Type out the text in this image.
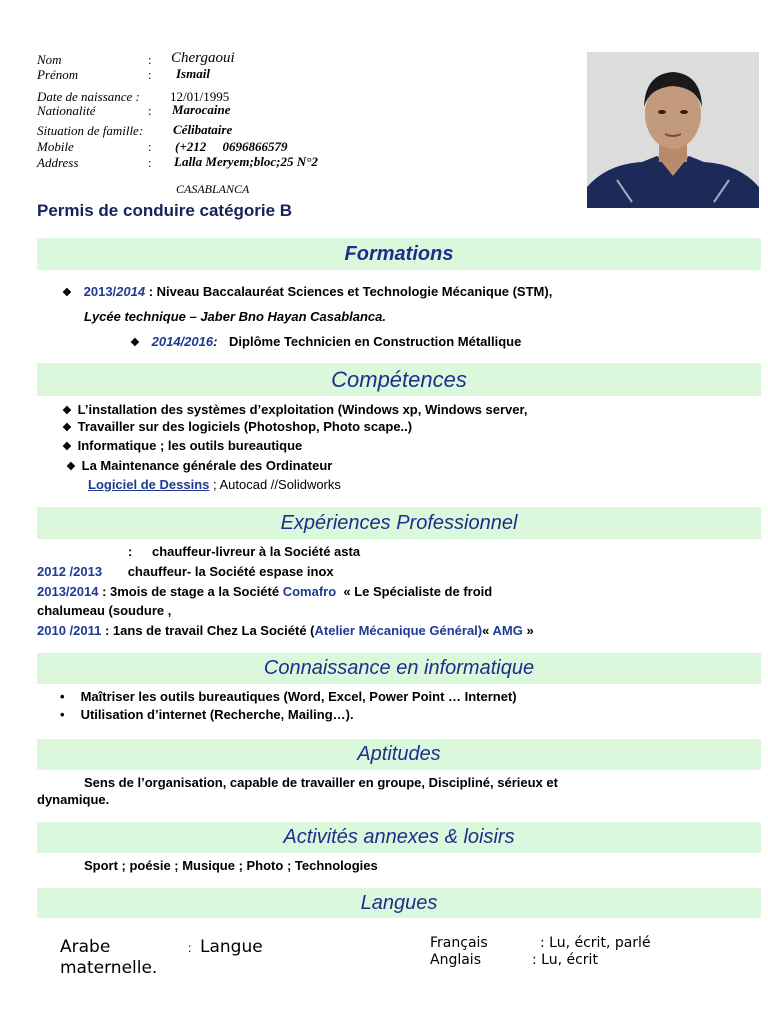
Nom	: Chergaoui
Prénom	: Ismail
Date de naissance : 12/01/1995
Nationalité	: Marocaine
Situation de famille: Célibataire
Mobile	: (+212     0696866579
Address	: Lalla Meryem;bloc;25 N°2
CASABLANCA
Permis de conduire catégorie B
Formations
❖ 2013/2014 : Niveau Baccalauréat Sciences et Technologie Mécanique (STM),
Lycée technique – Jaber Bno Hayan Casablanca.
❖ 2014/2016: Diplôme Technicien en Construction Métallique
Compétences
❖ L’installation des systèmes d’exploitation (Windows xp, Windows server,
❖ Travailler sur des logiciels (Photoshop, Photo scape..)
❖ Informatique ; les outils bureautique
❖ La Maintenance générale des Ordinateur
Logiciel de Dessins ; Autocad //Solidworks
Expériences Professionnel
: chauffeur-livreur à la Société asta
2012 /2013 chauffeur- la Société espase inox
2013/2014 : 3mois de stage a la Société Comafro  « Le Spécialiste de froid
chalumeau (soudure ,
2010 /2011 : 1ans de travail Chez La Société (Atelier Mécanique Général)« AMG »
Connaissance en informatique
• Maîtriser les outils bureautiques (Word, Excel, Power Point … Internet)
• Utilisation d’internet (Recherche, Mailing…).
Aptitudes
Sens de l’organisation, capable de travailler en groupe, Discipliné, sérieux et
dynamique.
Activités annexes & loisirs
Sport ; poésie ; Musique ; Photo ; Technologies
Langues
Arabe	: Langue
maternelle.
Français	: Lu, écrit, parlé
Anglais	: Lu, écrit
